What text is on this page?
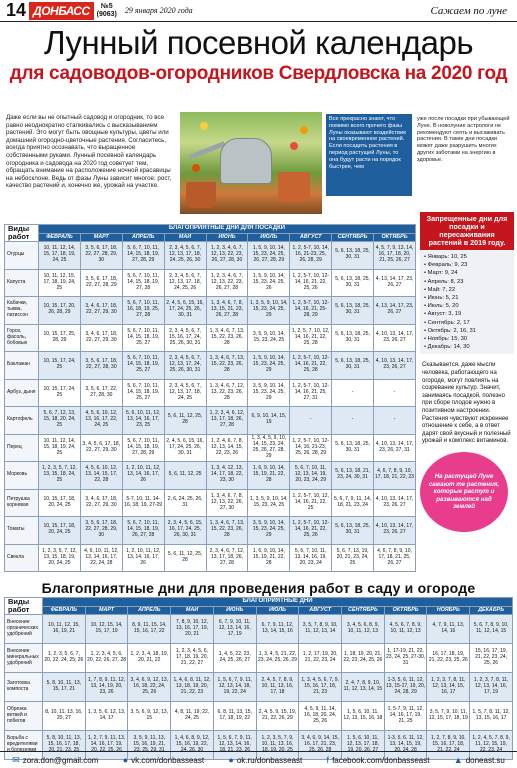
14 ДОНБАСС	№5
(9063) 29 января 2020 года	Сажаем по луне
Лунный посевной календарь
для садоводов-огородников Свердловска на 2020 год
Даже если вы не опытный садовод и огородник, то все равно неоднократно сталкивались с высказыванием растений. Это могут быть овощные культуры, цветы или домашний огородно-цветочные растения. Согласитесь, всегда приятно осознавать, что выращенное собственными руками. Лунный посевной календарь огородника и садовода на 2020 год советует тем, обращать внимание на расположение ночной красавицы на небосклоне. Ведь от фазы Луны зависит многое: рост, качество растений и, конечно же, урожай на участке.
Все прекрасно знают, что помимо всего прочего фазы Луны оказывают воздействие на своевременное растений. Если посадить растения в период растущей Луны, то она будут расти на порядок быстрее, чем
уже после посадки при убывающей Луне. В новолуние астрологи не рекомендуют сеять и высаживать растения. В такие дни посадки может даже разрушить многих других заботами на энергию в здоровье.
Виды работ	БЛАГОПРИЯТНЫЕ ДНИ ДЛЯ ПОСАДКИ								
	ФЕВРАЛЬ	МАРТ	АПРЕЛЬ	МАЙ	ИЮНЬ	ИЮЛЬ	АВГУСТ	СЕНТЯБРЬ	ОКТЯБРЬ
Огурцы	10, 11, 12, 14, 15, 17, 18, 19, 24, 25	3, 5, 6, 17, 18, 22, 27, 28, 29, 30	5, 6, 7, 10, 11, 14, 15, 18, 19, 27, 28, 29	2, 3, 4, 5, 6, 7, 12, 13, 17, 18, 24, 25, 26, 30	1, 2, 3, 4, 6, 7, 12, 13, 22, 23, 26, 27, 28, 30	1, 5, 9, 10, 14, 15, 23, 24, 25, 26, 27, 28, 29	1, 2, 5-7, 10, 14, 16, 21-23, 25, 26, 28, 29	5, 6, 13, 18, 25, 30, 31	4, 5, 7, 9, 13, 14, 16, 17, 18, 20, 21, 25, 26, 27
Капуста	10, 11, 12, 15, 17, 18, 19, 24, 25	3, 5, 6, 17, 18, 22, 27, 28, 29	5, 6, 7, 10, 11, 14, 15, 18, 19, 27, 28	2, 3, 4, 5, 6, 7, 12, 13, 17, 18, 24, 25, 26	1, 2, 3, 4, 6, 7, 12, 13, 22, 23, 26, 27, 28	1, 5, 9, 10, 14, 15, 23, 24, 25, 26	1, 2, 5-7, 10, 12-14, 16, 21, 22, 25, 26	5, 6, 13, 18, 25, 30, 31	4, 13, 14, 17, 23, 26, 27
Кабачки, тыква, патиссон	10, 15, 17, 20, 26, 28, 29	3, 4, 6, 17, 18, 22, 27, 29, 30	5, 6, 7, 10, 11, 16, 18, 19, 25, 27, 28	2, 4, 5, 6, 15, 16, 17, 24, 25, 26, 30, 31	1, 3, 4, 6, 7, 8, 13, 15, 21, 23, 26, 27, 28	1, 3, 5, 9, 10, 14, 15, 23, 24, 25, 29	1, 2, 5-7, 10, 12-14, 16, 21, 25-28, 29	5, 6, 13, 18, 25, 30, 31	4, 13, 14, 17, 23, 26, 27
Горох, фасоль, бобовые	10, 15, 17, 25, 28, 29	3, 4, 6, 17, 18, 22, 27, 29, 30	5, 6, 7, 10, 11, 14, 15, 18, 19, 25, 27	2, 3, 4, 5, 6, 7, 15, 16, 17, 24, 25, 26, 30, 31	1, 3, 4, 6, 7, 13, 15, 22, 23, 26, 28	3, 5, 9, 10, 14, 15, 23, 24, 25	1, 2, 5, 7, 10, 12, 14, 16, 21, 22, 25, 28	5, 6, 13, 18, 25, 30, 31	4, 10, 13, 14, 17, 23, 26, 27
Баклажан	10, 15, 17, 24, 25	3, 5, 6, 17, 18, 22, 27, 28, 30	5, 6, 7, 10, 11, 14, 15, 18, 19, 25, 27	2, 3, 4, 5, 6, 7, 12, 13, 17, 24, 25, 26, 30, 31	1, 3, 4, 6, 7, 13, 15, 22, 23, 26, 28	1, 5, 9, 10, 14, 15, 23, 24, 25, 29	1, 2, 5-7, 10, 12-14, 16, 21, 22, 25, 28	5, 6, 13, 18, 25, 30, 31	4, 10, 13, 14, 17, 23, 26, 27
Арбуз, дыня	10, 15, 17, 24, 25	3, 5, 6, 17, 22, 27, 28, 30	5, 6, 7, 10, 11, 14, 15, 18, 19, 25, 27	2, 3, 4, 5, 6, 7, 12, 13, 17, 18, 24, 25	1, 3, 4, 6, 7, 12, 13, 22, 23, 26, 28	3, 5, 9, 10, 14, 15, 23, 24, 25, 29	1, 2, 5-7, 10, 12-14, 16, 21, 25, 27, 31	-	-
Картофель	5, 6, 7, 12, 13, 15, 18, 20, 24, 25	4, 5, 6, 10, 12, 13, 16, 17, 22, 24, 25	5, 6, 10, 11, 12, 13, 14, 16, 17, 23, 25	5, 6, 11, 12, 25, 28	1, 2, 3, 4, 6, 12, 13, 17, 18, 26, 27, 28	6, 9, 10, 14, 15, 19	-	-	-
Перец	10, 11, 12, 14, 15, 18, 19, 24, 25	3, 4, 5, 6, 17, 18, 22, 27, 29, 30	5, 6, 7, 10, 11, 14, 15, 18, 19, 27, 28, 29	2, 4, 5, 6, 15, 16, 17, 24, 25, 26, 30, 31	1, 2, 4, 6, 7, 8, 12, 13, 14, 15, 22, 23, 26	1, 3, 4, 5, 9, 10, 14, 15, 23, 24, 25, 26, 27, 28, 29	1, 2, 5-7, 10, 12-14, 16, 21-23, 25, 26, 28, 29	5, 6, 13, 18, 25, 30, 31	4, 10, 13, 14, 17, 23, 26, 27, 31
Морковь	1, 2, 3, 5, 7, 12, 13, 15, 18, 24, 25	4, 5, 6, 10, 12, 13, 14, 15, 17, 22, 28	1, 2, 10, 11, 12, 13, 14, 16, 17, 26	5, 6, 11, 12, 25	1, 3, 4, 12, 13, 14, 17, 18, 22, 23, 30	1, 6, 9, 10, 14, 15, 19, 21, 22, 28	5, 6, 7, 10, 11, 12, 13, 14, 19, 20, 23, 24, 29	5, 6, 13, 18, 21, 23, 24, 30, 31	4, 6, 7, 8, 9, 10, 17, 18, 21, 22, 23
Петрушка корневая	10, 15, 17, 18, 20, 24, 25	3, 4, 6, 17, 18, 22, 27, 29, 30	5-7, 10, 11, 14-16, 18, 19, 27-29	2, 6, 24, 25, 26, 31	1, 3, 4, 6, 7, 8, 12, 13, 22, 26, 27, 30	1, 3, 5, 9, 10, 14, 15, 23, 24, 25	1, 2, 5-7, 10, 12, 14, 16, 21, 22, 25	5, 6, 7, 9, 11, 14, 18, 21, 23, 24	4, 10, 13, 14, 17, 23, 26, 27
Томаты	10, 15, 17, 18, 20, 24, 25	3, 5, 6, 17, 18, 22, 27, 28, 29, 30	5, 6, 7, 10, 11, 14, 15, 18, 19, 26, 27, 28	2, 3, 4, 5, 6, 15, 16, 17, 24, 25, 26, 30, 31	1, 3, 4, 6, 7, 13, 15, 22, 23, 26, 28	3, 5, 9, 10, 14, 15, 23, 24, 25, 29	1, 2, 5-7, 10, 12-14, 16, 21, 22, 25, 26	5, 6, 13, 18, 25, 30, 31	4, 10, 13, 14, 17, 23, 26, 27
Свекла	1, 2, 3, 5, 7, 12, 13, 15, 18, 19, 20, 24, 25	4, 6, 10, 11, 12, 13, 14, 16, 17, 22, 24, 28	1, 2, 10, 11, 12, 13, 14, 16, 17, 26	5, 6, 11, 12, 25, 28	2, 3, 4, 6, 7, 12, 13, 17, 18, 26, 27, 28	1, 6, 9, 10, 14, 15, 19, 21, 22, 28	5, 6, 7, 10, 11, 13, 14, 16, 19, 20, 23, 24	5, 6, 7, 13, 19, 20, 21, 23, 24, 25	4, 6, 7, 8, 9, 10, 17, 18, 21, 25, 26, 27
Запрещенные дни для посадки и пересаживания растений в 2019 году.
• Январь: 10, 25
• Февраль: 9, 23
• Март: 9, 24
• Апрель: 8, 23
• Май: 7, 22
• Июнь: 5, 21
• Июль: 5, 20
• Август: 3, 19
• Сентябрь: 2, 17
• Октябрь: 2, 16, 31
• Ноябрь: 15, 30
• Декабрь: 14, 30
Сказывается, даже мысли человека, работающего на огороде, могут повлиять на созревание культур. Значит, занимаясь посадкой, полезно при сборе плодов нужно в позитивном настроении. Растения чувствуют искреннее отношение к себе, а в ответ дарят свой вкусный и полезный урожай и комплекс витаминов.
На растущей Луне сажают те растения, которые растут и развиваются над землей
Благоприятные дни для проведения работ в саду и огороде
Виды работ	БЛАГОПРИЯТНЫЕ ДНИ										
	ФЕВРАЛЬ	МАРТ	АПРЕЛЬ	МАЙ	ИЮНЬ	ИЮЛЬ	АВГУСТ	СЕНТЯБРЬ	ОКТЯБРЬ	НОЯБРЬ	ДЕКАБРЬ
Внесение органических удобрений	10, 11, 12, 15, 16, 19, 21	10, 12, 15, 14, 15, 17, 19	8, 9, 11, 15, 14, 15, 16, 17, 22	7, 8, 9, 10, 12, 13, 16, 17, 19, 20, 21	6, 7, 9, 10, 11, 12, 13, 14, 16, 17, 19	6, 7, 9, 11, 12, 13, 14, 15, 16	3, 5, 7, 8, 9, 10, 11, 12, 13, 14	3, 4, 5, 6, 8, 9, 10, 11, 12, 13	4, 5, 6, 7, 8, 9, 10, 11, 12, 13	4, 7, 9, 11, 13, 14, 16	5, 6, 7, 8, 9, 10, 11, 12, 14, 15
Внесение минеральных удобрений	1, 2, 3, 5, 6, 7, 20, 22, 24, 25, 26	1, 2, 3, 4, 5, 6, 20, 22, 26, 27, 28	1, 2, 3, 4, 18, 19, 20, 21, 22	1, 2, 3, 4, 5, 6, 17, 18, 19, 20, 21, 22, 27	1, 4, 5, 22, 23, 24, 25, 26, 27	1, 3, 4, 5, 21, 22, 23, 24, 25, 26, 29	1, 2, 17, 19, 20, 21, 22, 23, 24	1, 18, 19, 20, 21, 22, 23, 24, 25, 26	1, 17-19, 21, 22, 23, 24, 25, 27-30, 31	16, 17, 18, 19, 21, 22, 23, 25, 26	15, 16, 17, 19, 21, 22, 23, 24, 25, 26
Заготовка компоста	5, 8, 10, 11, 13, 15, 17, 21	1, 7, 8, 9, 11, 12, 13, 14, 19, 20, 23, 26	3, 4, 6, 9, 12, 13, 16, 18, 22, 24, 25, 26	1, 4, 6, 8, 11, 12, 13, 18, 19, 20, 21, 22, 23	1, 5, 6, 7, 9, 11, 12, 13, 14, 18, 19, 22, 24	2, 4, 5, 7, 8, 9, 10, 11, 13, 16, 17, 18	1, 3, 4, 5, 6, 7, 9, 15, 16, 17, 18, 21, 23	2, 4, 7, 8, 9, 10, 11, 12, 13, 14, 15	1-3, 5, 6, 11, 12, 13, 15-17, 19, 20, 24, 28, 29	1, 2, 3, 7, 8, 11, 12, 13, 14, 15, 16, 17	1, 2, 3, 7, 8, 11, 12, 13, 14, 16, 17, 19
Обрезка ветвей и побегов	8, 10, 11, 13, 16, 20, 27	1, 3, 5, 6, 12, 13, 14, 17	3, 5, 6, 9, 12, 13, 15	4, 8, 11, 19, 22, 24, 25	6, 8, 11, 13, 15, 17, 18, 19, 22	2, 4, 5, 9, 15, 19, 21, 22, 26, 29	4, 5, 9, 11, 14, 16, 18, 20, 24, 25, 26	1, 5, 6, 10, 11, 12, 13, 15, 16, 18	1, 5-7, 9, 11, 12, 14, 16, 17, 19, 21, 25	3, 5, 7, 9, 10, 11, 12, 15, 17, 18, 19	1, 5, 7, 8, 11, 12, 13, 15, 16, 17
Борьба с вредителями и болезнями	5, 8, 10, 11, 13, 15, 16, 17, 18, 20, 21, 23, 25	1, 2, 7, 9, 11, 13, 14, 16, 17, 19, 20, 22, 25, 26	3, 5, 9, 11, 13, 15, 16, 19, 21, 23, 25, 29, 31	1, 4, 6, 8, 9, 12, 15, 16, 19, 22, 24, 26, 30	1, 5, 6, 7, 9, 11, 12, 13, 14, 16, 18, 21, 23, 26	1, 2, 3, 5, 7, 9, 10, 11, 13, 16, 18, 19, 20, 25	3, 4, 6, 9, 14, 15, 16, 17, 21, 23, 25, 26, 28	1, 5, 6, 10, 11, 12, 13, 17, 18, 19, 20, 26, 27	1-3, 5, 6, 11, 12, 13, 14, 15, 19, 20, 24, 28	1, 2, 7, 8, 9, 10, 15, 16, 17, 18, 21, 22, 24	1, 2, 4, 5, 7, 8, 9, 11, 12, 15, 19, 22, 23, 24
✉ zora.don@gmail.com	● vk.com/donbasseast	● ok.ru/donbasseast	f facebook.com/donbasseast	▲ doneast.su
